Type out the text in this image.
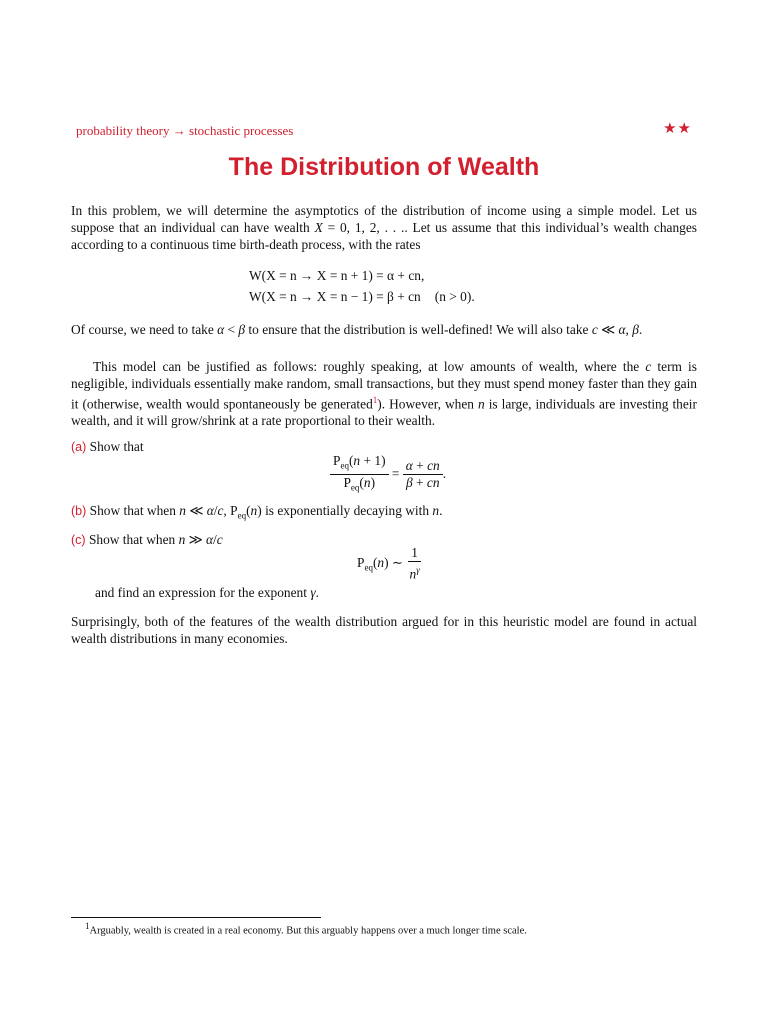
probability theory → stochastic processes	★★
The Distribution of Wealth
In this problem, we will determine the asymptotics of the distribution of income using a simple model. Let us suppose that an individual can have wealth X = 0, 1, 2, . . .. Let us assume that this individual’s wealth changes according to a continuous time birth-death process, with the rates
W(X = n → X = n + 1) = α + cn,
W(X = n → X = n − 1) = β + cn (n > 0).
Of course, we need to take α < β to ensure that the distribution is well-defined! We will also take c ≪ α, β.
This model can be justified as follows: roughly speaking, at low amounts of wealth, where the c term is negligible, individuals essentially make random, small transactions, but they must spend money faster than they gain it (otherwise, wealth would spontaneously be generated$^1$). However, when n is large, individuals are investing their wealth, and it will grow/shrink at a rate proportional to their wealth.
(a) Show that
$\frac{P_{eq}(n + 1)}{P_{eq}(n)} = \frac{\alpha + cn}{\beta + cn}$ .
(b) Show that when n ≪ α/c, $P_{eq}(n)$ is exponentially decaying with n.
(c) Show that when n ≫ α/c
$P_{eq}(n)$ ∼ $\frac{1}{n^\gamma}$
and find an expression for the exponent γ.
Surprisingly, both of the features of the wealth distribution argued for in this heuristic model are found in actual wealth distributions in many economies.
$^1$Arguably, wealth is created in a real economy. But this arguably happens over a much longer time scale.
